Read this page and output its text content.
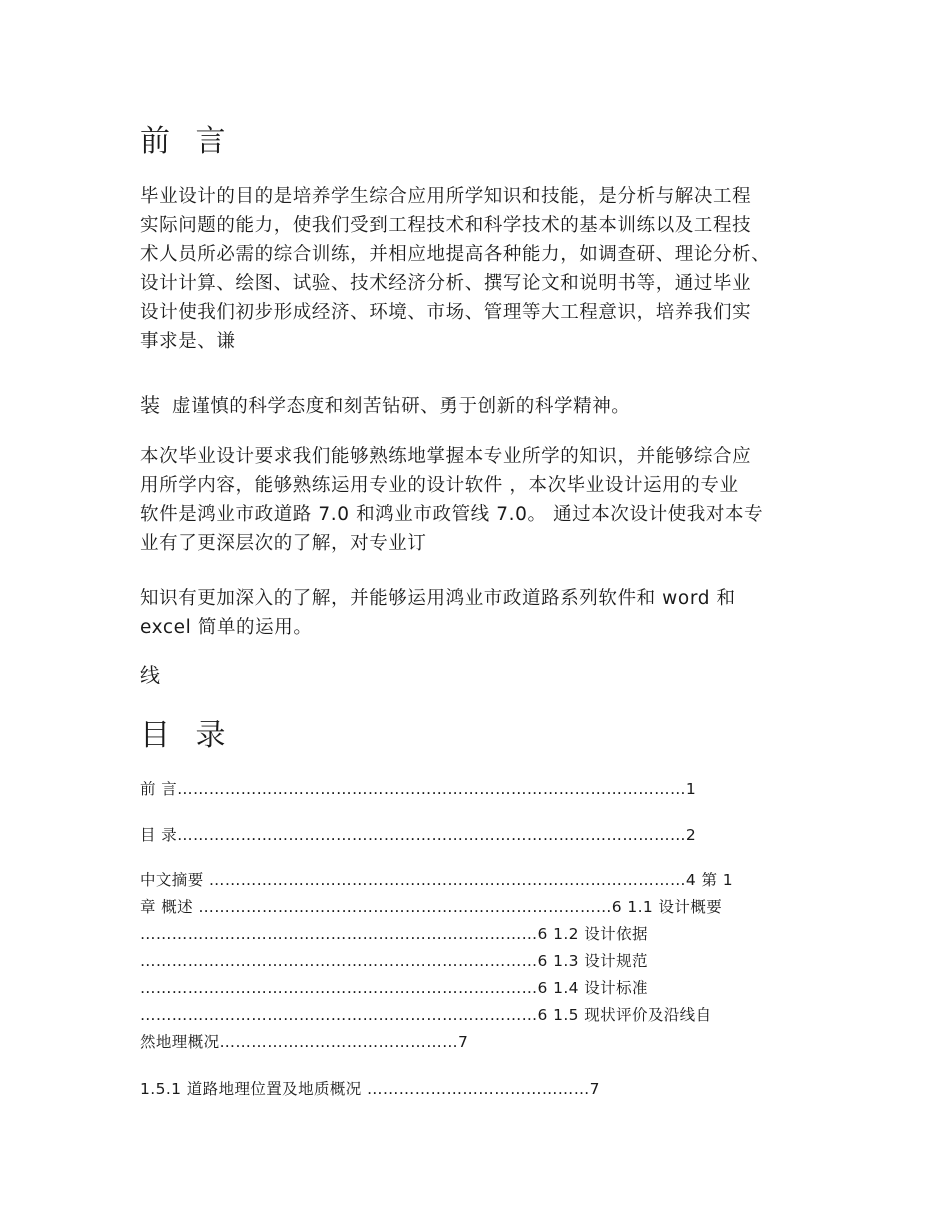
前 言

毕业设计的目的是培养学生综合应用所学知识和技能，是分析与解决工程
实际问题的能力，使我们受到工程技术和科学技术的基本训练以及工程技
术人员所必需的综合训练，并相应地提高各种能力，如调查研、理论分析、
设计计算、绘图、试验、技术经济分析、撰写论文和说明书等，通过毕业
设计使我们初步形成经济、环境、市场、管理等大工程意识，培养我们实
事求是、谦

装 虚谨慎的科学态度和刻苦钻研、勇于创新的科学精神。

本次毕业设计要求我们能够熟练地掌握本专业所学的知识，并能够综合应
用所学内容，能够熟练运用专业的设计软件 ，本次毕业设计运用的专业
软件是鸿业市政道路 7.0 和鸿业市政管线 7.0。 通过本次设计使我对本专
业有了更深层次的了解，对专业订

知识有更加深入的了解，并能够运用鸿业市政道路系列软件和 word 和
excel 简单的运用。

线
目 录

前 言……………………………………………………………………………………1

目 录……………………………………………………………………………………2

中文摘要 ………………………………………………………………………………4 第 1
章 概述 ……………………………………………………………………6 1.1 设计概要
…………………………………………………………………6 1.2 设计依据
…………………………………………………………………6 1.3 设计规范
…………………………………………………………………6 1.4 设计标准
…………………………………………………………………6 1.5 现状评价及沿线自
然地理概况………………………………………7

1.5.1 道路地理位置及地质概况 ……………………………………7
